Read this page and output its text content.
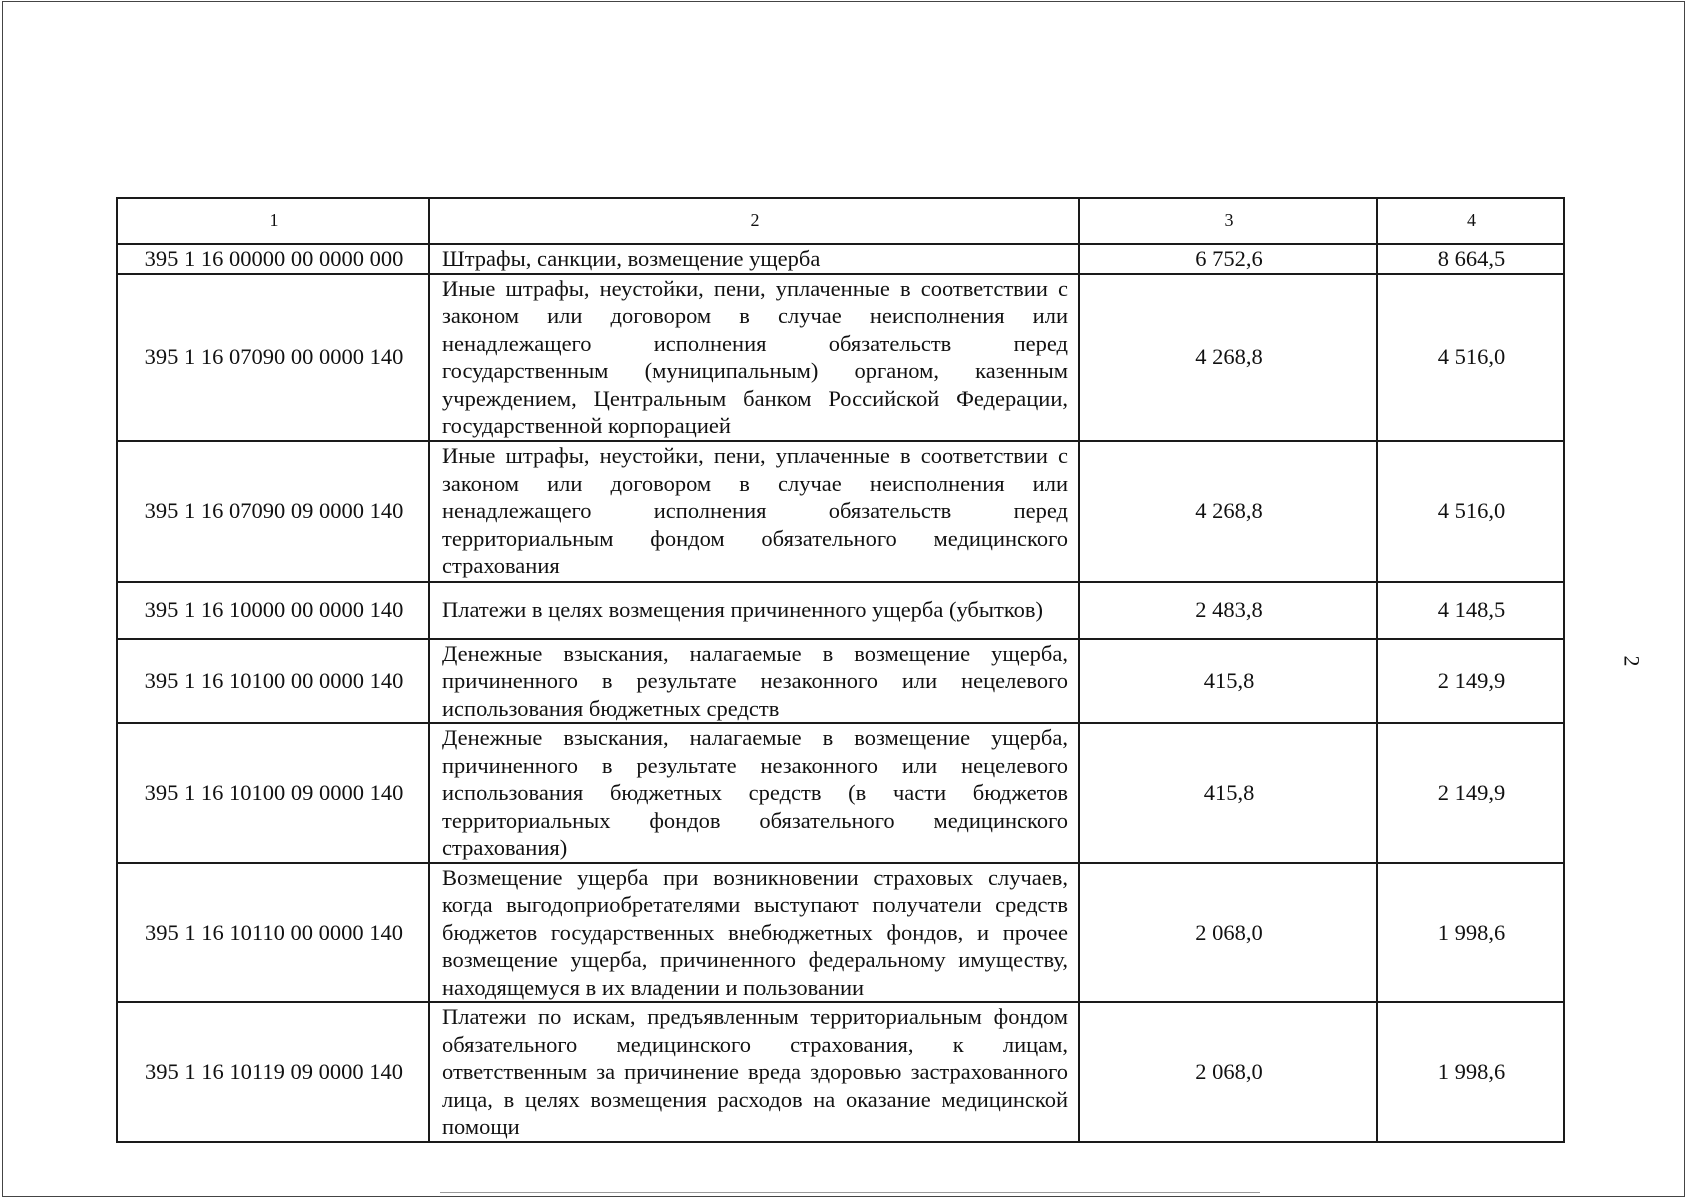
1	2	3	4
395 1 16 00000 00 0000 000	Штрафы, санкции, возмещение ущерба	6 752,6	8 664,5
395 1 16 07090 00 0000 140	Иные штрафы, неустойки, пени, уплаченные в соответствии с законом или договором в случае неисполнения или ненадлежащего исполнения обязательств перед государственным (муниципальным) органом, казенным учреждением, Центральным банком Российской Федерации, государственной корпорацией	4 268,8	4 516,0
395 1 16 07090 09 0000 140	Иные штрафы, неустойки, пени, уплаченные в соответствии с законом или договором в случае неисполнения или ненадлежащего исполнения обязательств перед территориальным фондом обязательного медицинского страхования	4 268,8	4 516,0
395 1 16 10000 00 0000 140	Платежи в целях возмещения причиненного ущерба (убытков)	2 483,8	4 148,5
395 1 16 10100 00 0000 140	Денежные взыскания, налагаемые в возмещение ущерба, причиненного в результате незаконного или нецелевого использования бюджетных средств	415,8	2 149,9
395 1 16 10100 09 0000 140	Денежные взыскания, налагаемые в возмещение ущерба, причиненного в результате незаконного или нецелевого использования бюджетных средств (в части бюджетов территориальных фондов обязательного медицинского страхования)	415,8	2 149,9
395 1 16 10110 00 0000 140	Возмещение ущерба при возникновении страховых случаев, когда выгодоприобретателями выступают получатели средств бюджетов государственных внебюджетных фондов, и прочее возмещение ущерба, причиненного федеральному имуществу, находящемуся в их владении и пользовании	2 068,0	1 998,6
395 1 16 10119 09 0000 140	Платежи по искам, предъявленным территориальным фондом обязательного медицинского страхования, к лицам, ответственным за причинение вреда здоровью застрахованного лица, в целях возмещения расходов на оказание медицинской помощи	2 068,0	1 998,6
2
